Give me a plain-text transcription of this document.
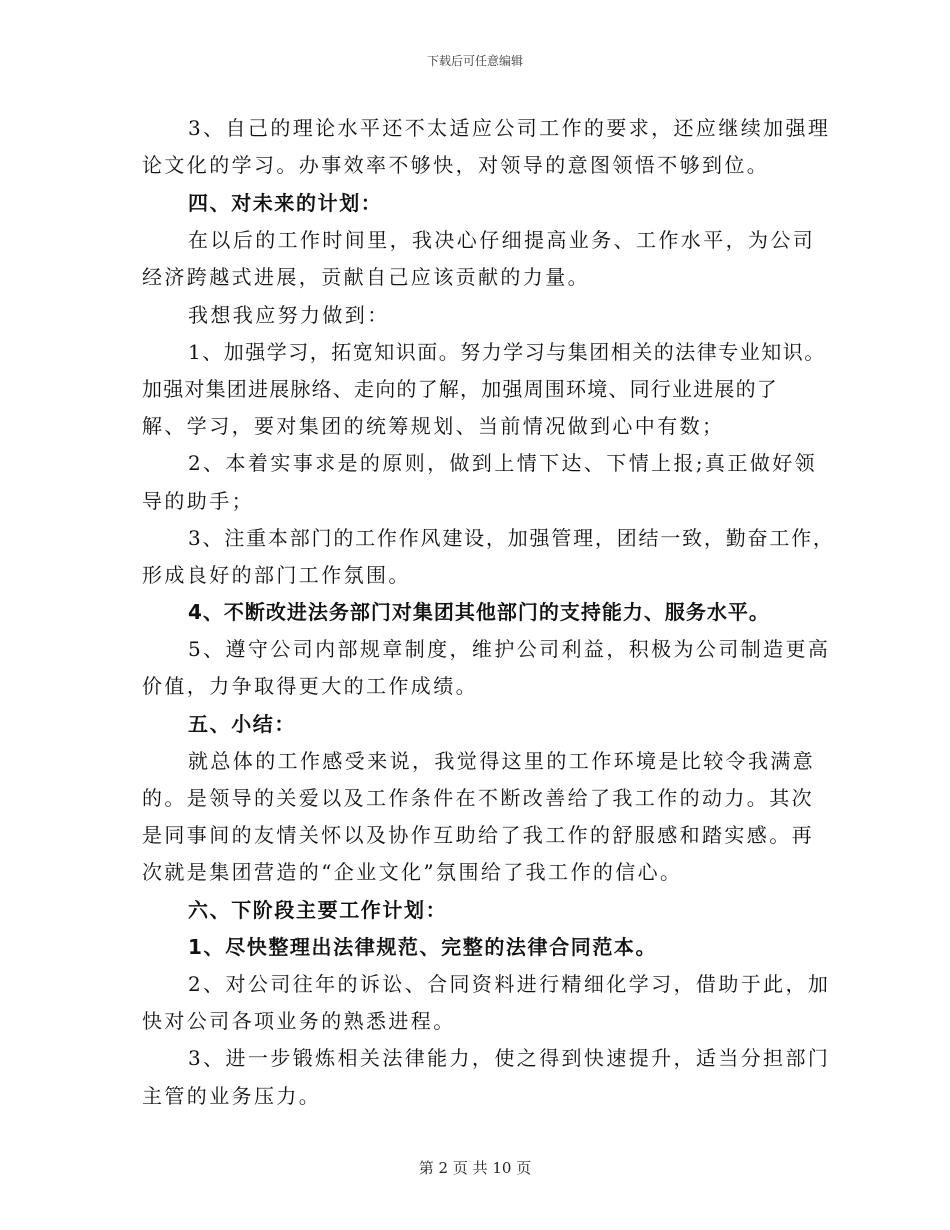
下载后可任意编辑
3、自己的理论水平还不太适应公司工作的要求，还应继续加强理
论文化的学习。办事效率不够快，对领导的意图领悟不够到位。
四、对未来的计划：
在以后的工作时间里，我决心仔细提高业务、工作水平，为公司
经济跨越式进展，贡献自己应该贡献的力量。
我想我应努力做到：
1、加强学习，拓宽知识面。努力学习与集团相关的法律专业知识。
加强对集团进展脉络、走向的了解，加强周围环境、同行业进展的了
解、学习，要对集团的统筹规划、当前情况做到心中有数；
2、本着实事求是的原则，做到上情下达、下情上报;真正做好领
导的助手；
3、注重本部门的工作作风建设，加强管理，团结一致，勤奋工作，
形成良好的部门工作氛围。
4、不断改进法务部门对集团其他部门的支持能力、服务水平。
5、遵守公司内部规章制度，维护公司利益，积极为公司制造更高
价值，力争取得更大的工作成绩。
五、小结：
就总体的工作感受来说，我觉得这里的工作环境是比较令我满意
的。是领导的关爱以及工作条件在不断改善给了我工作的动力。其次
是同事间的友情关怀以及协作互助给了我工作的舒服感和踏实感。再
次就是集团营造的“企业文化”氛围给了我工作的信心。
六、下阶段主要工作计划：
1、尽快整理出法律规范、完整的法律合同范本。
2、对公司往年的诉讼、合同资料进行精细化学习，借助于此，加
快对公司各项业务的熟悉进程。
3、进一步锻炼相关法律能力，使之得到快速提升，适当分担部门
主管的业务压力。
第 2 页 共 10 页
